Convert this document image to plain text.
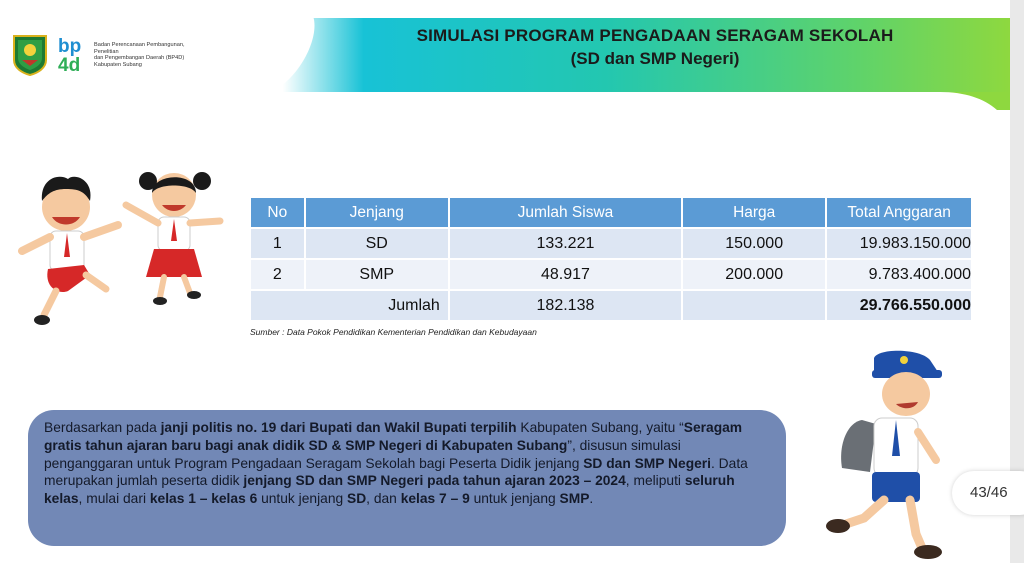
bp
4d
Badan Perencanaan Pembangunan,
Penelitian
dan Pengembangan Daerah (BP4D)
Kabupaten Subang
SIMULASI PROGRAM PENGADAAN SERAGAM SEKOLAH
(SD dan SMP Negeri)
No	Jenjang	Jumlah Siswa	Harga	Total Anggaran
1	SD	133.221	150.000	19.983.150.000
2	SMP	48.917	200.000	9.783.400.000
Jumlah		182.138		29.766.550.000
Sumber : Data Pokok Pendidikan Kementerian Pendidikan dan Kebudayaan
Berdasarkan pada janji politis no. 19 dari Bupati dan Wakil Bupati terpilih Kabupaten Subang, yaitu “Seragam gratis tahun ajaran baru bagi anak didik SD & SMP Negeri di Kabupaten Subang”, disusun simulasi penganggaran untuk Program Pengadaan Seragam Sekolah bagi Peserta Didik jenjang SD dan SMP Negeri. Data merupakan jumlah peserta didik jenjang SD dan SMP Negeri pada tahun ajaran 2023 – 2024, meliputi seluruh kelas, mulai dari kelas 1 – kelas 6 untuk jenjang SD, dan kelas 7 – 9 untuk jenjang SMP.	43/46
